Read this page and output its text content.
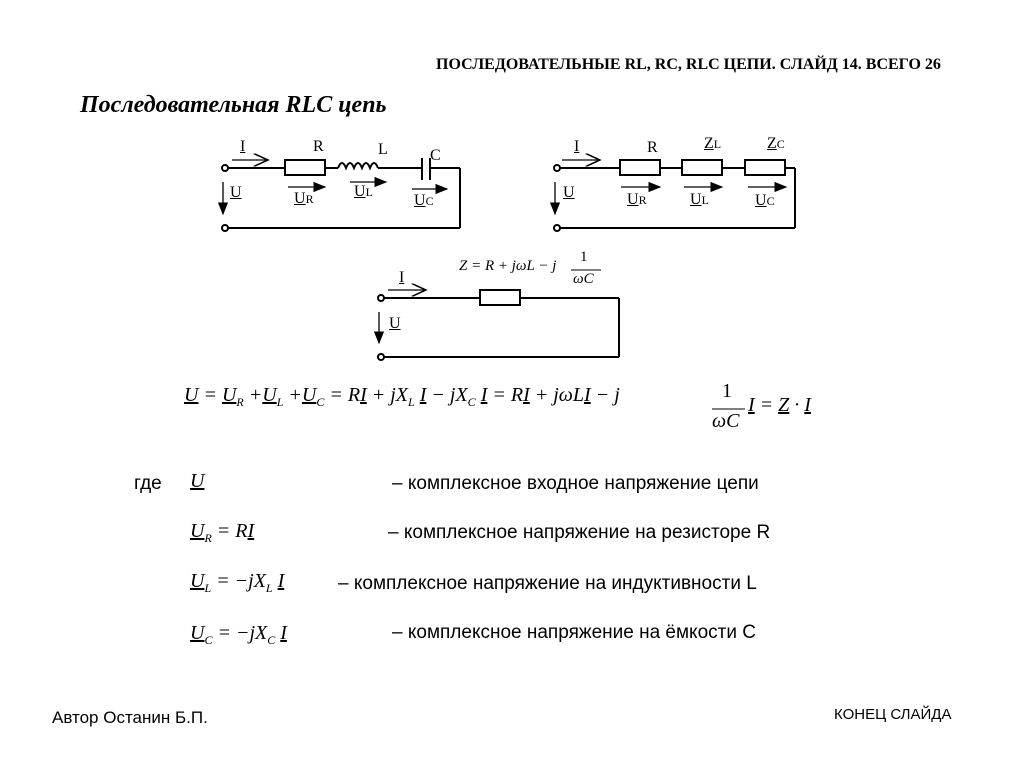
ПОСЛЕДОВАТЕЛЬНЫЕ RL, RC, RLC ЦЕПИ. СЛАЙД 14. ВСЕГО 26
Последовательная RLC цепь
I	R	L	C
U	UR	UL	UC
I	R	ZL	ZC
U	UR	UL	UC
I
U
Z = R + jωL − j
1
ωC
$U = U_R +U_L +U_C$ = RI + $jX_L$ $I - jX_C$ I = RI + jωLI − j	1
ωC
I = Z · I
где U	– комплексное входное напряжение цепи
$U_R$ = RI	– комплексное напряжение на резисторе R
$U_L = -jX_L$ I	– комплексное напряжение на индуктивности L
$U_C = -jX_C$ I	– комплексное напряжение на ёмкости С
Автор Останин Б.П.	КОНЕЦ СЛАЙДА
